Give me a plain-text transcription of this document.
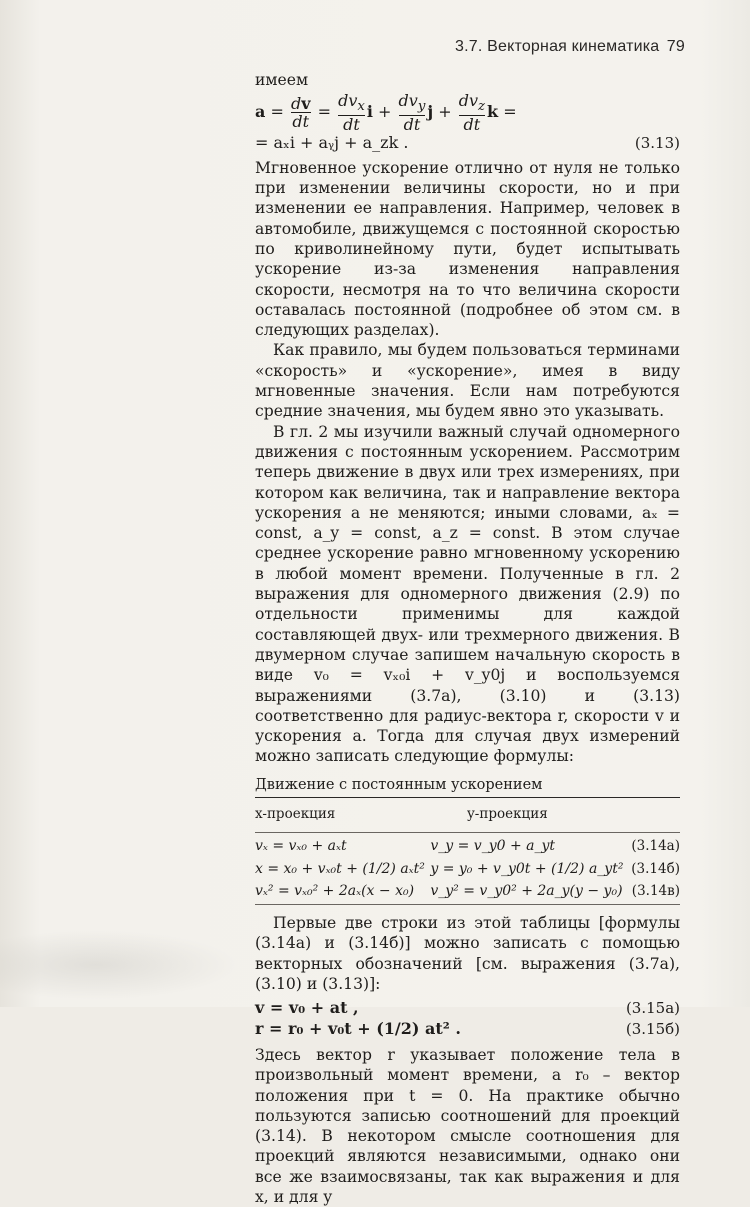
3.7. Векторная кинематика 79

имеем

$a = \frac{dv}{dt} = \frac{dv_x}{dt}$ $i + \frac{dv_y}{dt}$ $j + \frac{dv_z}{dt}$ k =
= aₓi + aᵧj + a_zk .	(3.13)

Мгновенное ускорение отлично от нуля не только при изменении величины скорости, но и при изменении ее направления. Например, человек в автомобиле, движущемся с постоянной скоростью по криволинейному пути, будет испытывать ускорение из-за изменения направления скорости, несмотря на то что величина скорости оставалась постоянной (подробнее об этом см. в следующих разделах).

Как правило, мы будем пользоваться терминами «скорость» и «ускорение», имея в виду мгновенные значения. Если нам потребуются средние значения, мы будем явно это указывать.

В гл. 2 мы изучили важный случай одномерного движения с постоянным ускорением. Рассмотрим теперь движение в двух или трех измерениях, при котором как величина, так и направление вектора ускорения a не меняются; иными словами, aₓ = const, a_y = const, a_z = const. В этом случае среднее ускорение равно мгновенному ускорению в любой момент времени. Полученные в гл. 2 выражения для одномерного движения (2.9) по отдельности применимы для каждой составляющей двух- или трехмерного движения. В двумерном случае запишем начальную скорость в виде v₀ = vₓ₀i + v_y0j и воспользуемся выражениями (3.7а), (3.10) и (3.13) соответственно для радиус-вектора r, скорости v и ускорения a. Тогда для случая двух измерений можно записать следующие формулы:

Движение с постоянным ускорением
x-проекция	y-проекция	
vₓ = vₓ₀ + aₓt	v_y = v_y0 + a_yt	(3.14а)
x = x₀ + vₓ₀t + (1/2) aₓt²	y = y₀ + v_y0t + (1/2) a_yt²	(3.14б)
vₓ² = vₓ₀² + 2aₓ(x − x₀)	v_y² = v_y0² + 2a_y(y − y₀)	(3.14в)

Первые две строки из этой таблицы [формулы (3.14а) и (3.14б)] можно записать с помощью векторных обозначений [см. выражения (3.7а), (3.10) и (3.13)]:

v = v₀ + at ,	(3.15а)
r = r₀ + v₀t + (1/2) at² .	(3.15б)

Здесь вектор r указывает положение тела в произвольный момент времени, а r₀ – вектор положения при t = 0. На практике обычно пользуются записью соотношений для проекций (3.14). В некотором смысле соотношения для проекций являются независимыми, однако они все же взаимосвязаны, так как выражения и для x, и для y
